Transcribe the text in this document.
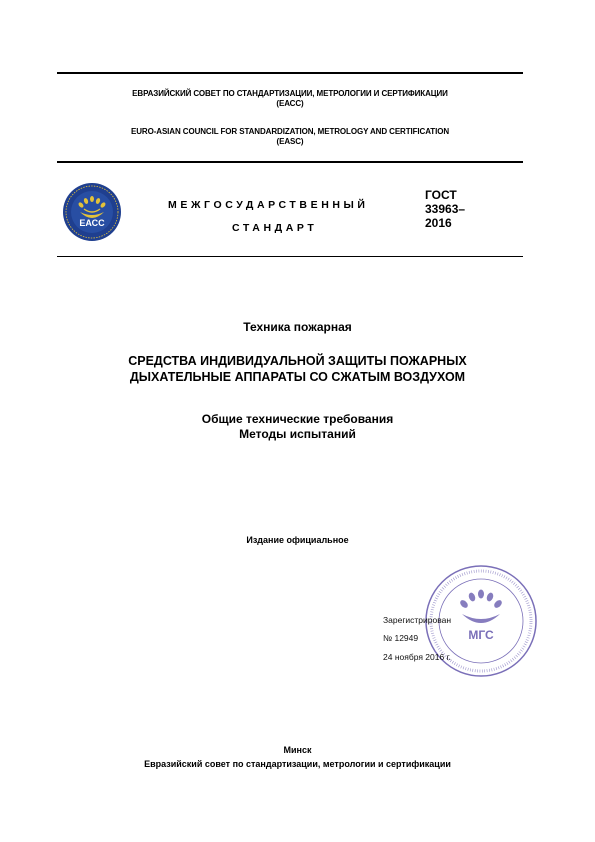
ЕВРАЗИЙСКИЙ СОВЕТ ПО СТАНДАРТИЗАЦИИ, МЕТРОЛОГИИ И СЕРТИФИКАЦИИ
(ЕАСС)
EURO-ASIAN COUNCIL FOR STANDARDIZATION, METROLOGY AND CERTIFICATION
(EASC)
ЕАСС
МЕЖГОСУДАРСТВЕННЫЙ
СТАНДАРТ
ГОСТ
33963–
2016
Техника пожарная
СРЕДСТВА ИНДИВИДУАЛЬНОЙ ЗАЩИТЫ ПОЖАРНЫХ
ДЫХАТЕЛЬНЫЕ АППАРАТЫ СО СЖАТЫМ ВОЗДУХОМ
Общие технические требования
Методы испытаний
Издание официальное
МГС
Зарегистрирован
№ 12949
24 ноября 2016 г.
Минск
Евразийский совет по стандартизации, метрологии и сертификации
